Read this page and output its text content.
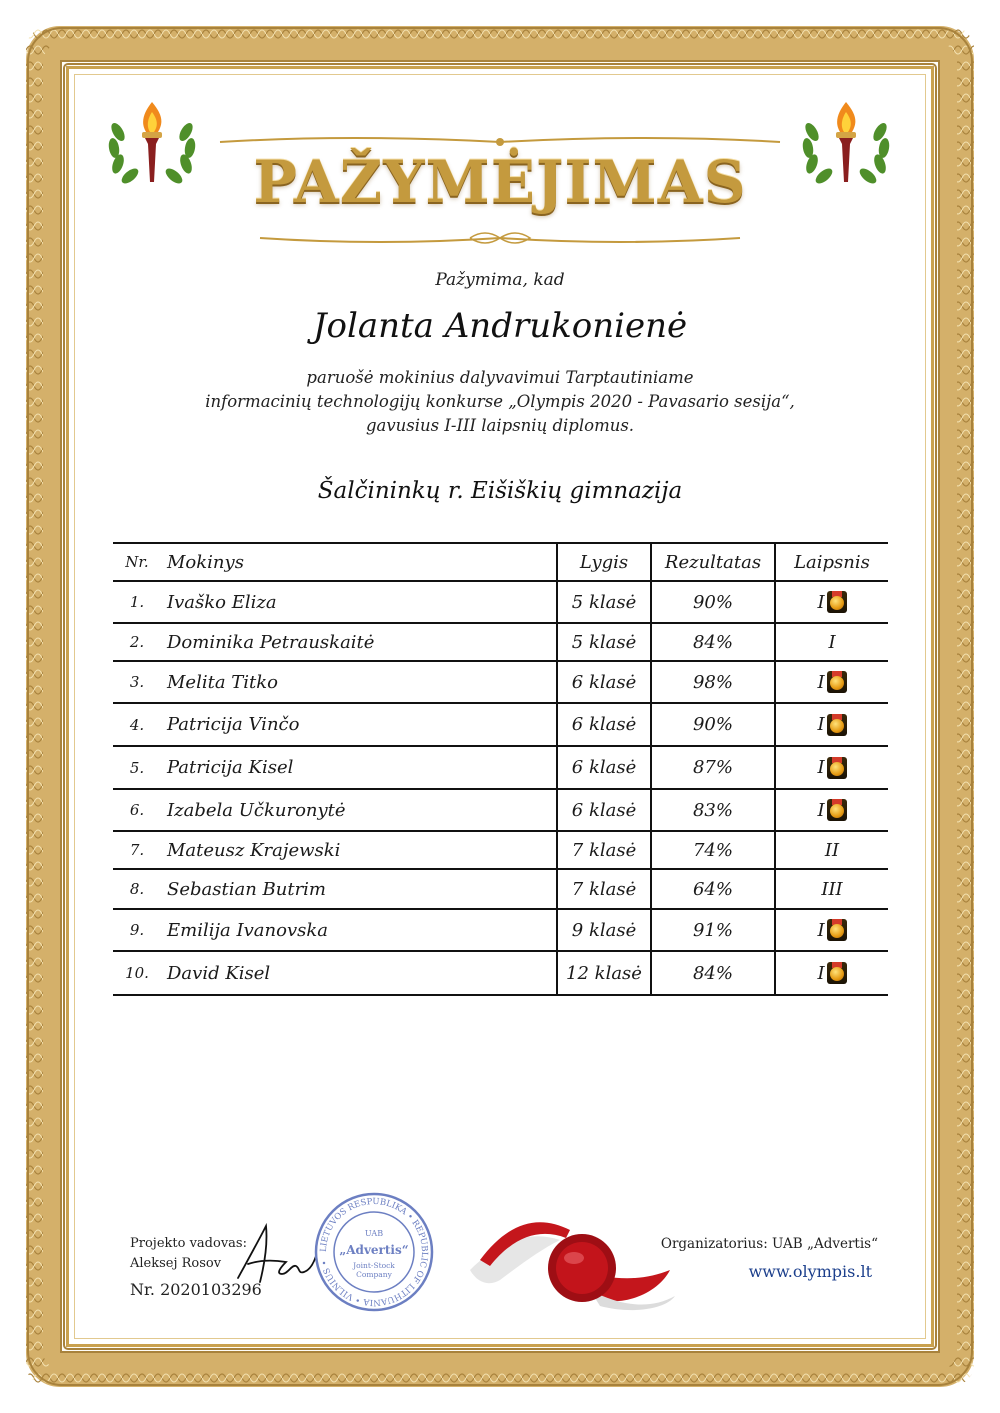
PAŽYMĖJIMAS
Pažymima, kad
Jolanta Andrukonienė
paruošė mokinius dalyvavimui Tarptautiniame
informacinių technologijų konkurse „Olympis 2020 - Pavasario sesija“,
gavusius I-III laipsnių diplomus.
Šalčininkų r. Eišiškių gimnazija
Nr.	Mokinys	Lygis	Rezultatas	Laipsnis
1.	Ivaško Eliza	5 klasė	90%	I

2.	Dominika Petrauskaitė	5 klasė	84%	I

3.	Melita Titko	6 klasė	98%	I

4.	Patricija Vinčo	6 klasė	90%	I

5.	Patricija Kisel	6 klasė	87%	I

6.	Izabela Učkuronytė	6 klasė	83%	I

7.	Mateusz Krajewski	7 klasė	74%	II

8.	Sebastian Butrim	7 klasė	64%	III

9.	Emilija Ivanovska	9 klasė	91%	I

10.	David Kisel	12 klasė	84%	I
Projekto vadovas:
Aleksej Rosov
Nr. 2020103296
LIETUVOS RESPUBLIKA • REPUBLIC OF LITHUANIA • VILNIUS •
UAB
„Advertis“
Joint-Stock
Company
Organizatorius: UAB „Advertis“
www.olympis.lt
